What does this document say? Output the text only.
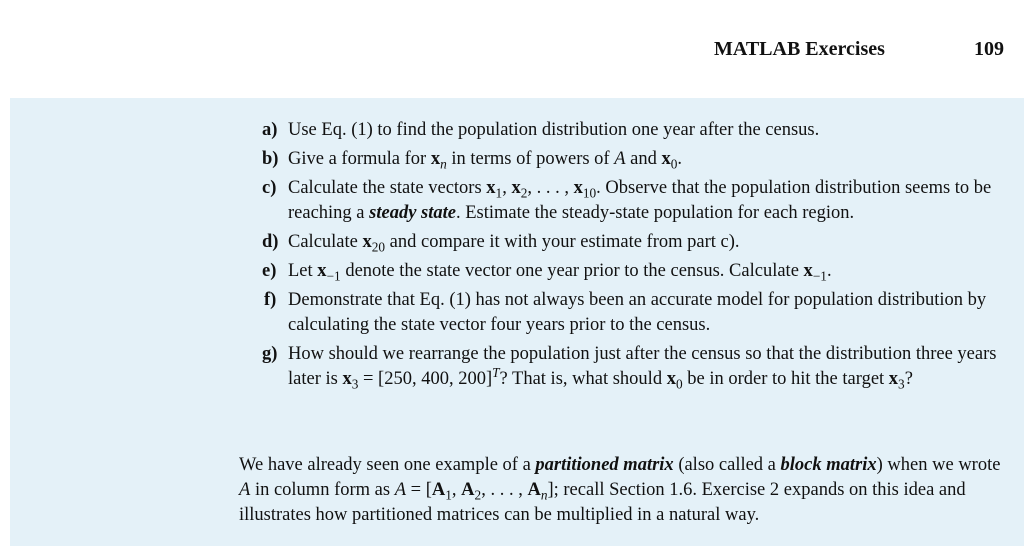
MATLAB Exercises	109
a) Use Eq. (1) to find the population distribution one year after the census.
b) Give a formula for $x_n$ in terms of powers of A and $x_0$.
c) Calculate the state vectors $x_1$, $x_2$, . . . , $x_{10}$. Observe that the population distribution seems to be reaching a steady state. Estimate the steady-state population for each region.
d) Calculate $x_{20}$ and compare it with your estimate from part c).
e) Let $x_{-1}$ denote the state vector one year prior to the census. Calculate $x_{-1}$.
f) Demonstrate that Eq. (1) has not always been an accurate model for population distribution by calculating the state vector four years prior to the census.
g) How should we rearrange the population just after the census so that the distribution three years later is $x_3 = [250$, 400, 200]$^T$? That is, what should $x_0$ be in order to hit the target $x_3$?

We have already seen one example of a partitioned matrix (also called a block matrix) when we wrote A in column form as $A = [A_1$, $A_2$, . . . , $A_n$]; recall Section 1.6. Exercise 2 expands on this idea and illustrates how partitioned matrices can be multiplied in a natural way.
